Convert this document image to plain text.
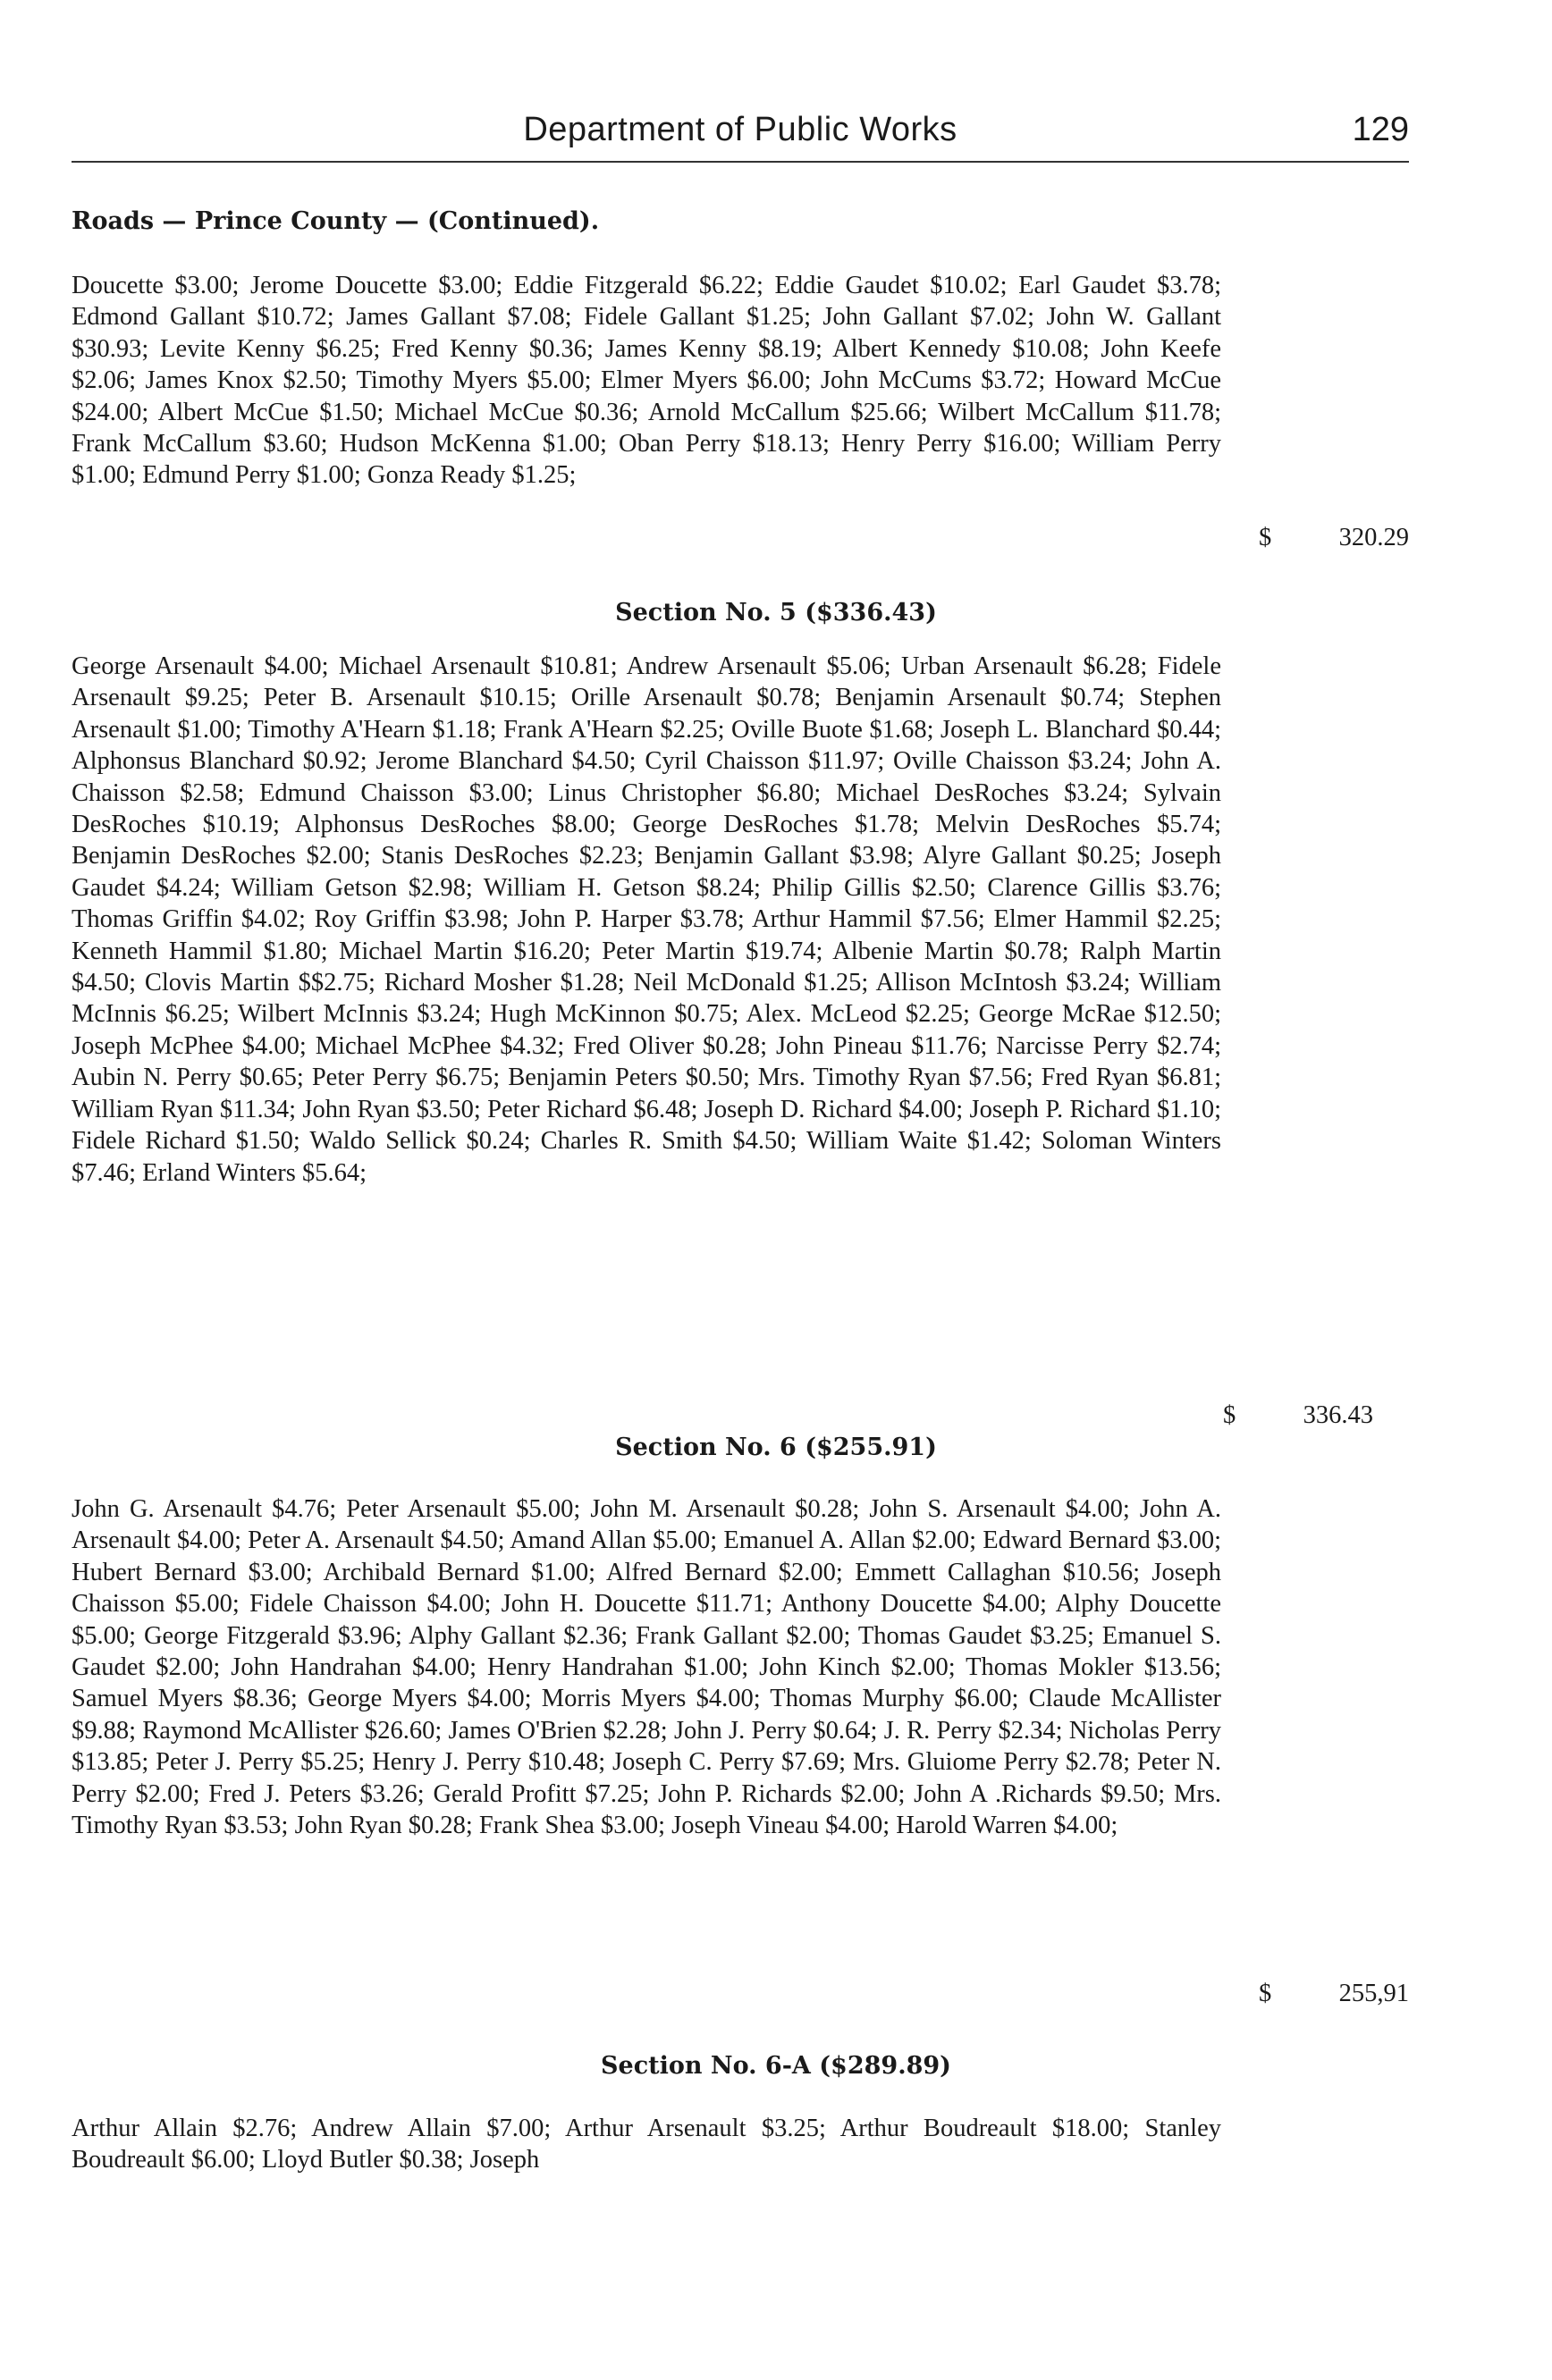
Department of Public Works	129
Roads — Prince County — (Continued).
Doucette $3.00; Jerome Doucette $3.00; Eddie Fitzgerald $6.22; Eddie Gaudet $10.02; Earl Gaudet $3.78; Edmond Gallant $10.72; James Gallant $7.08; Fidele Gallant $1.25; John Gallant $7.02; John W. Gallant $30.93; Levite Kenny $6.25; Fred Kenny $0.36; James Kenny $8.19; Albert Kennedy $10.08; John Keefe $2.06; James Knox $2.50; Timothy Myers $5.00; Elmer Myers $6.00; John McCums $3.72; Howard McCue $24.00; Albert McCue $1.50; Michael McCue $0.36; Arnold McCallum $25.66; Wilbert McCallum $11.78; Frank McCallum $3.60; Hudson McKenna $1.00; Oban Perry $18.13; Henry Perry $16.00; William Perry $1.00; Edmund Perry $1.00; Gonza Ready $1.25;
$	320.29
Section No. 5 ($336.43)
George Arsenault $4.00; Michael Arsenault $10.81; Andrew Arsenault $5.06; Urban Arsenault $6.28; Fidele Arsenault $9.25; Peter B. Arsenault $10.15; Orille Arsenault $0.78; Benjamin Arsenault $0.74; Stephen Arsenault $1.00; Timothy A'Hearn $1.18; Frank A'Hearn $2.25; Oville Buote $1.68; Joseph L. Blanchard $0.44; Alphonsus Blanchard $0.92; Jerome Blanchard $4.50; Cyril Chaisson $11.97; Oville Chaisson $3.24; John A. Chaisson $2.58; Edmund Chaisson $3.00; Linus Christopher $6.80; Michael DesRoches $3.24; Sylvain DesRoches $10.19; Alphonsus DesRoches $8.00; George DesRoches $1.78; Melvin DesRoches $5.74; Benjamin DesRoches $2.00; Stanis DesRoches $2.23; Benjamin Gallant $3.98; Alyre Gallant $0.25; Joseph Gaudet $4.24; William Getson $2.98; William H. Getson $8.24; Philip Gillis $2.50; Clarence Gillis $3.76; Thomas Griffin $4.02; Roy Griffin $3.98; John P. Harper $3.78; Arthur Hammil $7.56; Elmer Hammil $2.25; Kenneth Hammil $1.80; Michael Martin $16.20; Peter Martin $19.74; Albenie Martin $0.78; Ralph Martin $4.50; Clovis Martin $$2.75; Richard Mosher $1.28; Neil McDonald $1.25; Allison McIntosh $3.24; William McInnis $6.25; Wilbert McInnis $3.24; Hugh McKinnon $0.75; Alex. McLeod $2.25; George McRae $12.50; Joseph McPhee $4.00; Michael McPhee $4.32; Fred Oliver $0.28; John Pineau $11.76; Narcisse Perry $2.74; Aubin N. Perry $0.65; Peter Perry $6.75; Benjamin Peters $0.50; Mrs. Timothy Ryan $7.56; Fred Ryan $6.81; William Ryan $11.34; John Ryan $3.50; Peter Richard $6.48; Joseph D. Richard $4.00; Joseph P. Richard $1.10; Fidele Richard $1.50; Waldo Sellick $0.24; Charles R. Smith $4.50; William Waite $1.42; Soloman Winters $7.46; Erland Winters $5.64;
$	336.43
Section No. 6 ($255.91)
John G. Arsenault $4.76; Peter Arsenault $5.00; John M. Arsenault $0.28; John S. Arsenault $4.00; John A. Arsenault $4.00; Peter A. Arsenault $4.50; Amand Allan $5.00; Emanuel A. Allan $2.00; Edward Bernard $3.00; Hubert Bernard $3.00; Archibald Bernard $1.00; Alfred Bernard $2.00; Emmett Callaghan $10.56; Joseph Chaisson $5.00; Fidele Chaisson $4.00; John H. Doucette $11.71; Anthony Doucette $4.00; Alphy Doucette $5.00; George Fitzgerald $3.96; Alphy Gallant $2.36; Frank Gallant $2.00; Thomas Gaudet $3.25; Emanuel S. Gaudet $2.00; John Handrahan $4.00; Henry Handrahan $1.00; John Kinch $2.00; Thomas Mokler $13.56; Samuel Myers $8.36; George Myers $4.00; Morris Myers $4.00; Thomas Murphy $6.00; Claude McAllister $9.88; Raymond McAllister $26.60; James O'Brien $2.28; John J. Perry $0.64; J. R. Perry $2.34; Nicholas Perry $13.85; Peter J. Perry $5.25; Henry J. Perry $10.48; Joseph C. Perry $7.69; Mrs. Gluiome Perry $2.78; Peter N. Perry $2.00; Fred J. Peters $3.26; Gerald Profitt $7.25; John P. Richards $2.00; John A .Richards $9.50; Mrs. Timothy Ryan $3.53; John Ryan $0.28; Frank Shea $3.00; Joseph Vineau $4.00; Harold Warren $4.00;
$	255,91
Section No. 6-A ($289.89)
Arthur Allain $2.76; Andrew Allain $7.00; Arthur Arsenault $3.25; Arthur Boudreault $18.00; Stanley Boudreault $6.00; Lloyd Butler $0.38; Joseph
